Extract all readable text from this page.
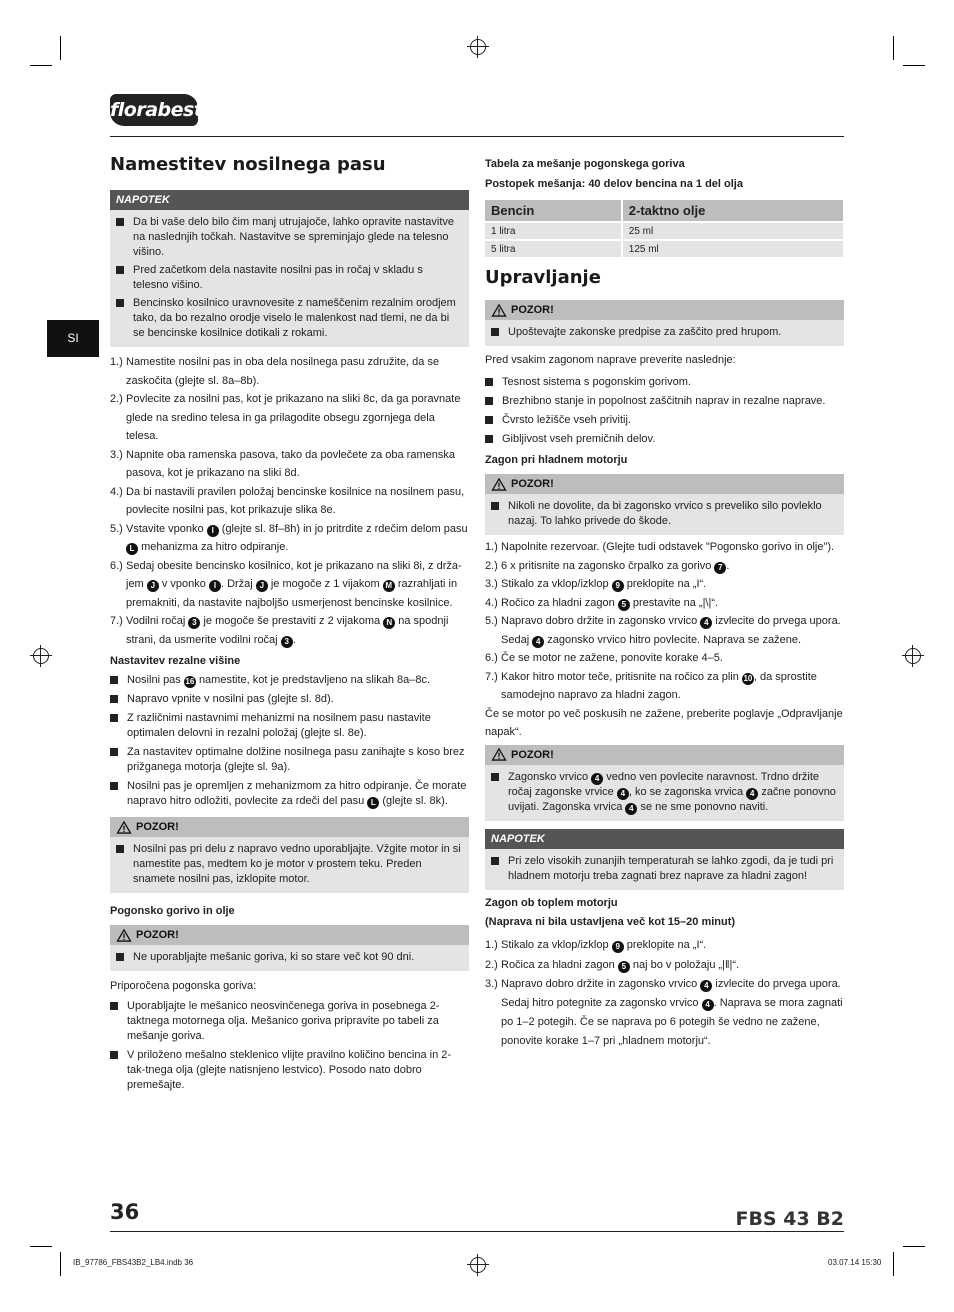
florabest
SI
Namestitev nosilnega pasu
NAPOTEK
Da bi vaše delo bilo čim manj utrujajoče, lahko opravite nastavitve na naslednjih točkah. Nastavitve se spreminjajo glede na telesno višino.
Pred začetkom dela nastavite nosilni pas in ročaj v skladu s telesno višino.
Bencinsko kosilnico uravnovesite z nameščenim rezalnim orodjem tako, da bo rezalno orodje viselo le malenkost nad tlemi, ne da bi se bencinske kosilnice dotikali z rokami.
1.) Namestite nosilni pas in oba dela nosilnega pasu združite, da se zaskočita (glejte sl. 8a–8b).
2.) Povlecite za nosilni pas, kot je prikazano na sliki 8c, da ga poravnate glede na sredino telesa in ga prilagodite obsegu zgornjega dela telesa.
3.) Napnite oba ramenska pasova, tako da povlečete za oba ramenska pasova, kot je prikazano na sliki 8d.
4.) Da bi nastavili pravilen položaj bencinske kosilnice na nosilnem pasu, povlecite nosilni pas, kot prikazuje slika 8e.
5.) Vstavite vponko I (glejte sl. 8f–8h) in jo pritrdite z rdečim delom pasu L mehanizma za hitro odpiranje.
6.) Sedaj obesite bencinsko kosilnico, kot je prikazano na sliki 8i, z drža-jem J v vponko I . Držaj J je mogoče z 1 vijakom M razrahljati in premakniti, da nastavite najboljšo usmerjenost bencinske kosilnice.
7.) Vodilni ročaj 3 je mogoče še prestaviti z 2 vijakoma N na spodnji strani, da usmerite vodilni ročaj 3 .

Nastavitev rezalne višine

Nosilni pas 16 namestite, kot je predstavljeno na slikah 8a–8c.
Napravo vpnite v nosilni pas (glejte sl. 8d).
Z različnimi nastavnimi mehanizmi na nosilnem pasu nastavite optimalen delovni in rezalni položaj (glejte sl. 8e).
Za nastavitev optimalne dolžine nosilnega pasu zanihajte s koso brez prižganega motorja (glejte sl. 9a).
Nosilni pas je opremljen z mehanizmom za hitro odpiranje. Če morate napravo hitro odložiti, povlecite za rdeči del pasu L (glejte sl. 8k).
POZOR!
Nosilni pas pri delu z napravo vedno uporabljajte. Vžgite motor in si namestite pas, medtem ko je motor v prostem teku. Preden snamete nosilni pas, izklopite motor.

Pogonsko gorivo in olje

POZOR!
Ne uporabljajte mešanic goriva, ki so stare več kot 90 dni.
Priporočena pogonska goriva:
Uporabljajte le mešanico neosvinčenega goriva in posebnega 2-taktnega motornega olja. Mešanico goriva pripravite po tabeli za mešanje goriva.
V priloženo mešalno steklenico vlijte pravilno količino bencina in 2-tak-tnega olja (glejte natisnjeno lestvico). Posodo nato dobro premešajte.

Tabela za mešanje pogonskega goriva

Postopek mešanja: 40 delov bencina na 1 del olja

Bencin	2-taktno olje
1 litra	25 ml
5 litra	125 ml
Upravljanje
POZOR!
Upoštevajte zakonske predpise za zaščito pred hrupom.
Pred vsakim zagonom naprave preverite naslednje:
Tesnost sistema s pogonskim gorivom.
Brezhibno stanje in popolnost zaščitnih naprav in rezalne naprave.
Čvrsto ležišče vseh privitij.
Gibljivost vseh premičnih delov.

Zagon pri hladnem motorju

POZOR!
Nikoli ne dovolite, da bi zagonsko vrvico s preveliko silo povleklo nazaj. To lahko privede do škode.
1.) Napolnite rezervoar. (Glejte tudi odstavek "Pogonsko gorivo in olje").
2.) 6 x pritisnite na zagonsko črpalko za gorivo 7 .
3.) Stikalo za vklop/izklop 9 preklopite na „I“.
4.) Ročico za hladni zagon 5 prestavite na „|\|“.
5.) Napravo dobro držite in zagonsko vrvico 4 izvlecite do prvega upora. Sedaj 4 zagonsko vrvico hitro povlecite. Naprava se zažene.
6.) Če se motor ne zažene, ponovite korake 4–5.
7.) Kakor hitro motor teče, pritisnite na ročico za plin 10 , da sprostite samodejno napravo za hladni zagon.
Če se motor po več poskusih ne zažene, preberite poglavje „Odpravljanje napak“.
POZOR!
Zagonsko vrvico 4 vedno ven povlecite naravnost. Trdno držite ročaj zagonske vrvice 4 , ko se zagonska vrvica 4 začne ponovno uvijati. Zagonska vrvica 4 se ne sme ponovno naviti.
NAPOTEK
Pri zelo visokih zunanjih temperaturah se lahko zgodi, da je tudi pri hladnem motorju treba zagnati brez naprave za hladni zagon!

Zagon ob toplem motorju

(Naprava ni bila ustavljena več kot 15–20 minut)

1.) Stikalo za vklop/izklop 9 preklopite na „I“.
2.) Ročica za hladni zagon 5 naj bo v položaju „|‖|“.
3.) Napravo dobro držite in zagonsko vrvico 4 izvlecite do prvega upora. Sedaj hitro potegnite za zagonsko vrvico 4 . Naprava se mora zagnati po 1–2 potegih. Če se naprava po 6 potegih še vedno ne zažene, ponovite korake 1–7 pri „hladnem motorju“.
36	FBS 43 B2
IB_97786_FBS43B2_LB4.indb 36	03.07.14 15:30
